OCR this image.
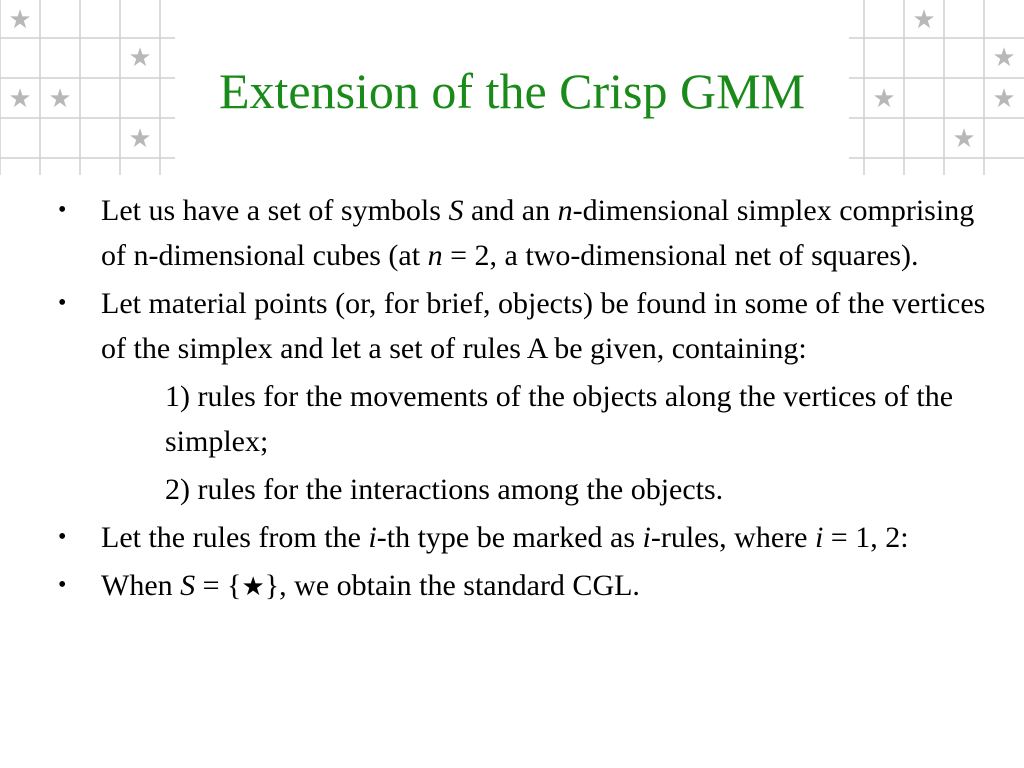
★
★
★ ★
★
★
★
★	★
★
Extension of the Crisp GMM
• Let us have a set of symbols S and an n-dimensional simplex comprising of n-dimensional cubes (at n = 2, a two-dimensional net of squares).
• Let material points (or, for brief, objects) be found in some of the vertices of the simplex and let a set of rules A be given, containing:
1) rules for the movements of the objects along the vertices of the simplex;
2) rules for the interactions among the objects.
• Let the rules from the i-th type be marked as i-rules, where i = 1, 2:
• When S = {★}, we obtain the standard CGL.
